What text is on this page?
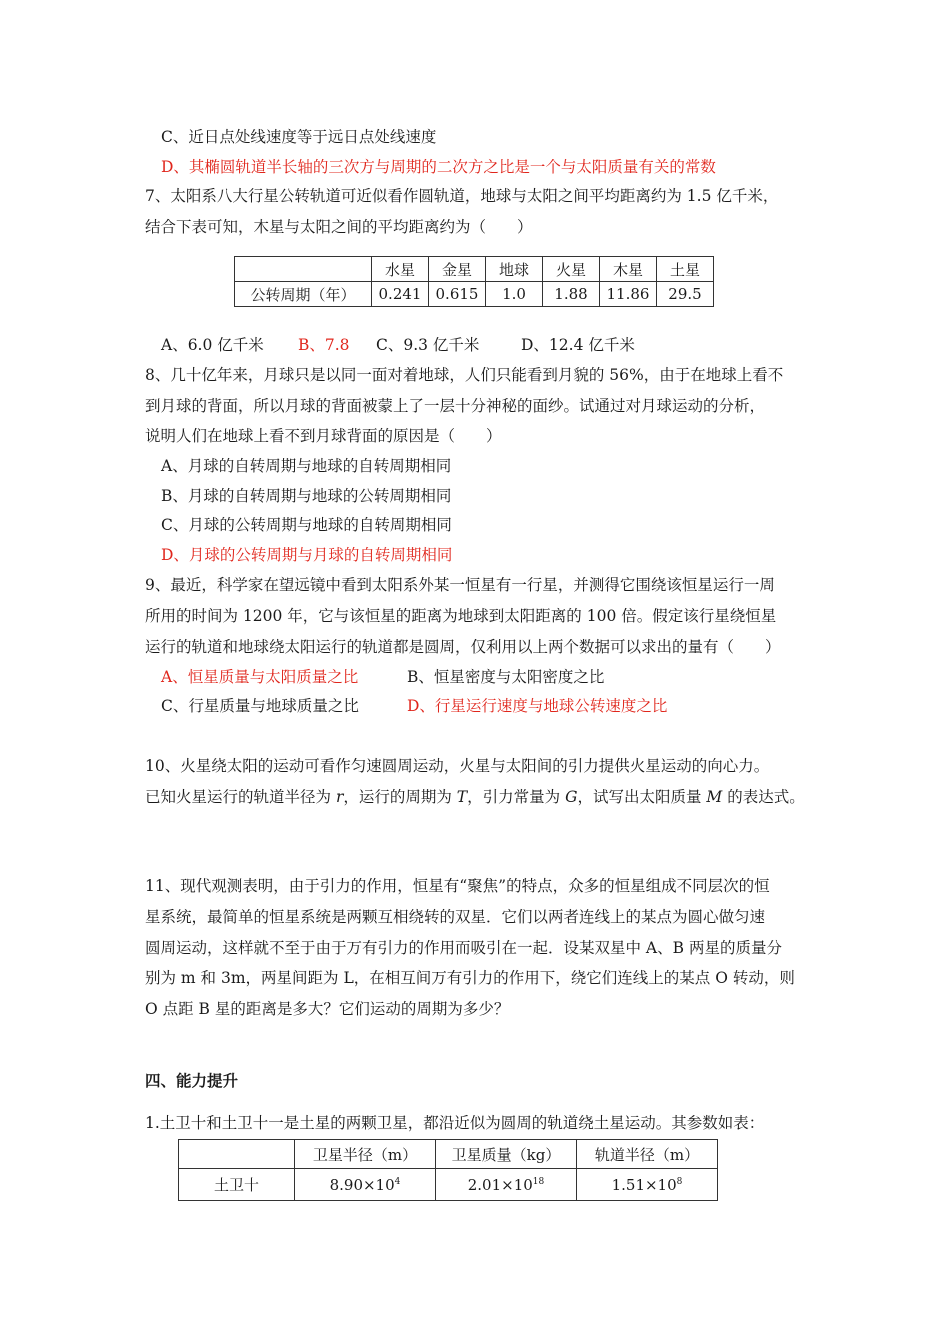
C、近日点处线速度等于远日点处线速度
D、其椭圆轨道半长轴的三次方与周期的二次方之比是一个与太阳质量有关的常数
7、太阳系八大行星公转轨道可近似看作圆轨道，地球与太阳之间平均距离约为 1.5 亿千米，
结合下表可知，木星与太阳之间的平均距离约为（　　）
	水星	金星	地球	火星	木星	土星
公转周期（年）	0.241	0.615	1.0	1.88	11.86	29.5
A、6.0 亿千米 B、7.8 C、9.3 亿千米	D、12.4 亿千米
8、几十亿年来，月球只是以同一面对着地球，人们只能看到月貌的 56%，由于在地球上看不
到月球的背面，所以月球的背面被蒙上了一层十分神秘的面纱。试通过对月球运动的分析，
说明人们在地球上看不到月球背面的原因是（　　）
A、月球的自转周期与地球的自转周期相同
B、月球的自转周期与地球的公转周期相同
C、月球的公转周期与地球的自转周期相同
D、月球的公转周期与月球的自转周期相同
9、最近，科学家在望远镜中看到太阳系外某一恒星有一行星，并测得它围绕该恒星运行一周
所用的时间为 1200 年，它与该恒星的距离为地球到太阳距离的 100 倍。假定该行星绕恒星
运行的轨道和地球绕太阳运行的轨道都是圆周，仅利用以上两个数据可以求出的量有（　　）
A、恒星质量与太阳质量之比	B、恒星密度与太阳密度之比
C、行星质量与地球质量之比	D、行星运行速度与地球公转速度之比
10、火星绕太阳的运动可看作匀速圆周运动，火星与太阳间的引力提供火星运动的向心力。
已知火星运行的轨道半径为 r，运行的周期为 T，引力常量为 G，试写出太阳质量 M 的表达式。
11、现代观测表明，由于引力的作用，恒星有“聚焦”的特点，众多的恒星组成不同层次的恒
星系统，最简单的恒星系统是两颗互相绕转的双星．它们以两者连线上的某点为圆心做匀速
圆周运动，这样就不至于由于万有引力的作用而吸引在一起．设某双星中 A、B 两星的质量分
别为 m 和 3m，两星间距为 L，在相互间万有引力的作用下，绕它们连线上的某点 O 转动，则
O 点距 B 星的距离是多大？它们运动的周期为多少？
四、能力提升
1.土卫十和土卫十一是土星的两颗卫星，都沿近似为圆周的轨道绕土星运动。其参数如表：
	卫星半径（m）	卫星质量（kg）	轨道半径（m）
土卫十	$8.90\times 10^4$	$2.01\times 10^{18}$	$1.51\times 10^8$
